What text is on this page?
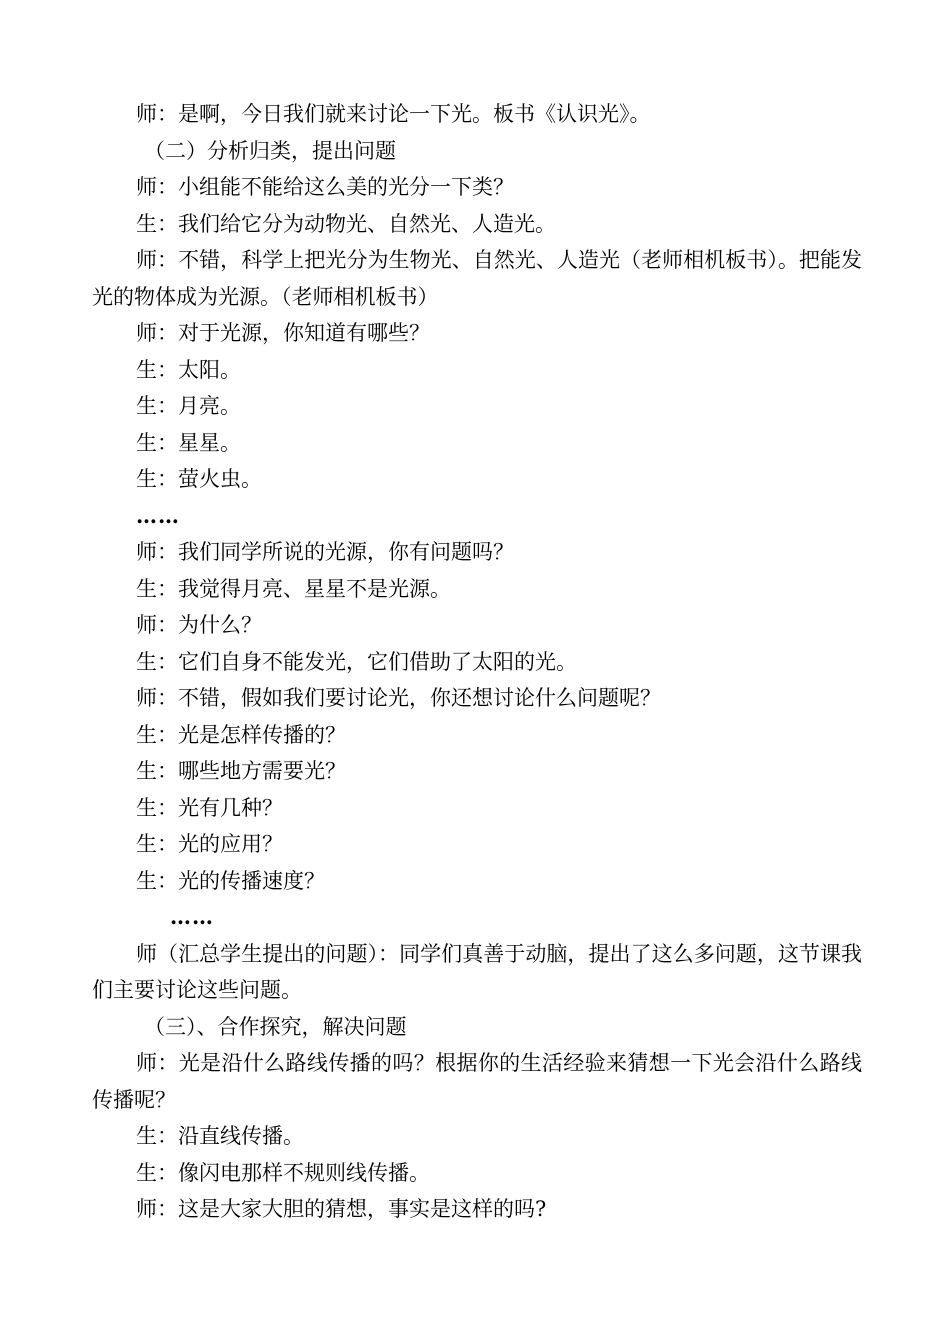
师：是啊，今日我们就来讨论一下光。板书《认识光》。

（二）分析归类，提出问题

师：小组能不能给这么美的光分一下类？

生：我们给它分为动物光、自然光、人造光。

师：不错，科学上把光分为生物光、自然光、人造光（老师相机板书）。把能发光的物体成为光源。（老师相机板书）

师：对于光源，你知道有哪些？

生：太阳。

生：月亮。

生：星星。

生：萤火虫。

……

师：我们同学所说的光源，你有问题吗？

生：我觉得月亮、星星不是光源。

师：为什么？

生：它们自身不能发光，它们借助了太阳的光。

师：不错，假如我们要讨论光，你还想讨论什么问题呢？

生：光是怎样传播的？

生：哪些地方需要光？

生：光有几种？

生：光的应用？

生：光的传播速度？

……

师（汇总学生提出的问题）：同学们真善于动脑，提出了这么多问题，这节课我们主要讨论这些问题。

（三）、合作探究，解决问题

师：光是沿什么路线传播的吗？根据你的生活经验来猜想一下光会沿什么路线传播呢？

生：沿直线传播。

生：像闪电那样不规则线传播。

师：这是大家大胆的猜想，事实是这样的吗?
